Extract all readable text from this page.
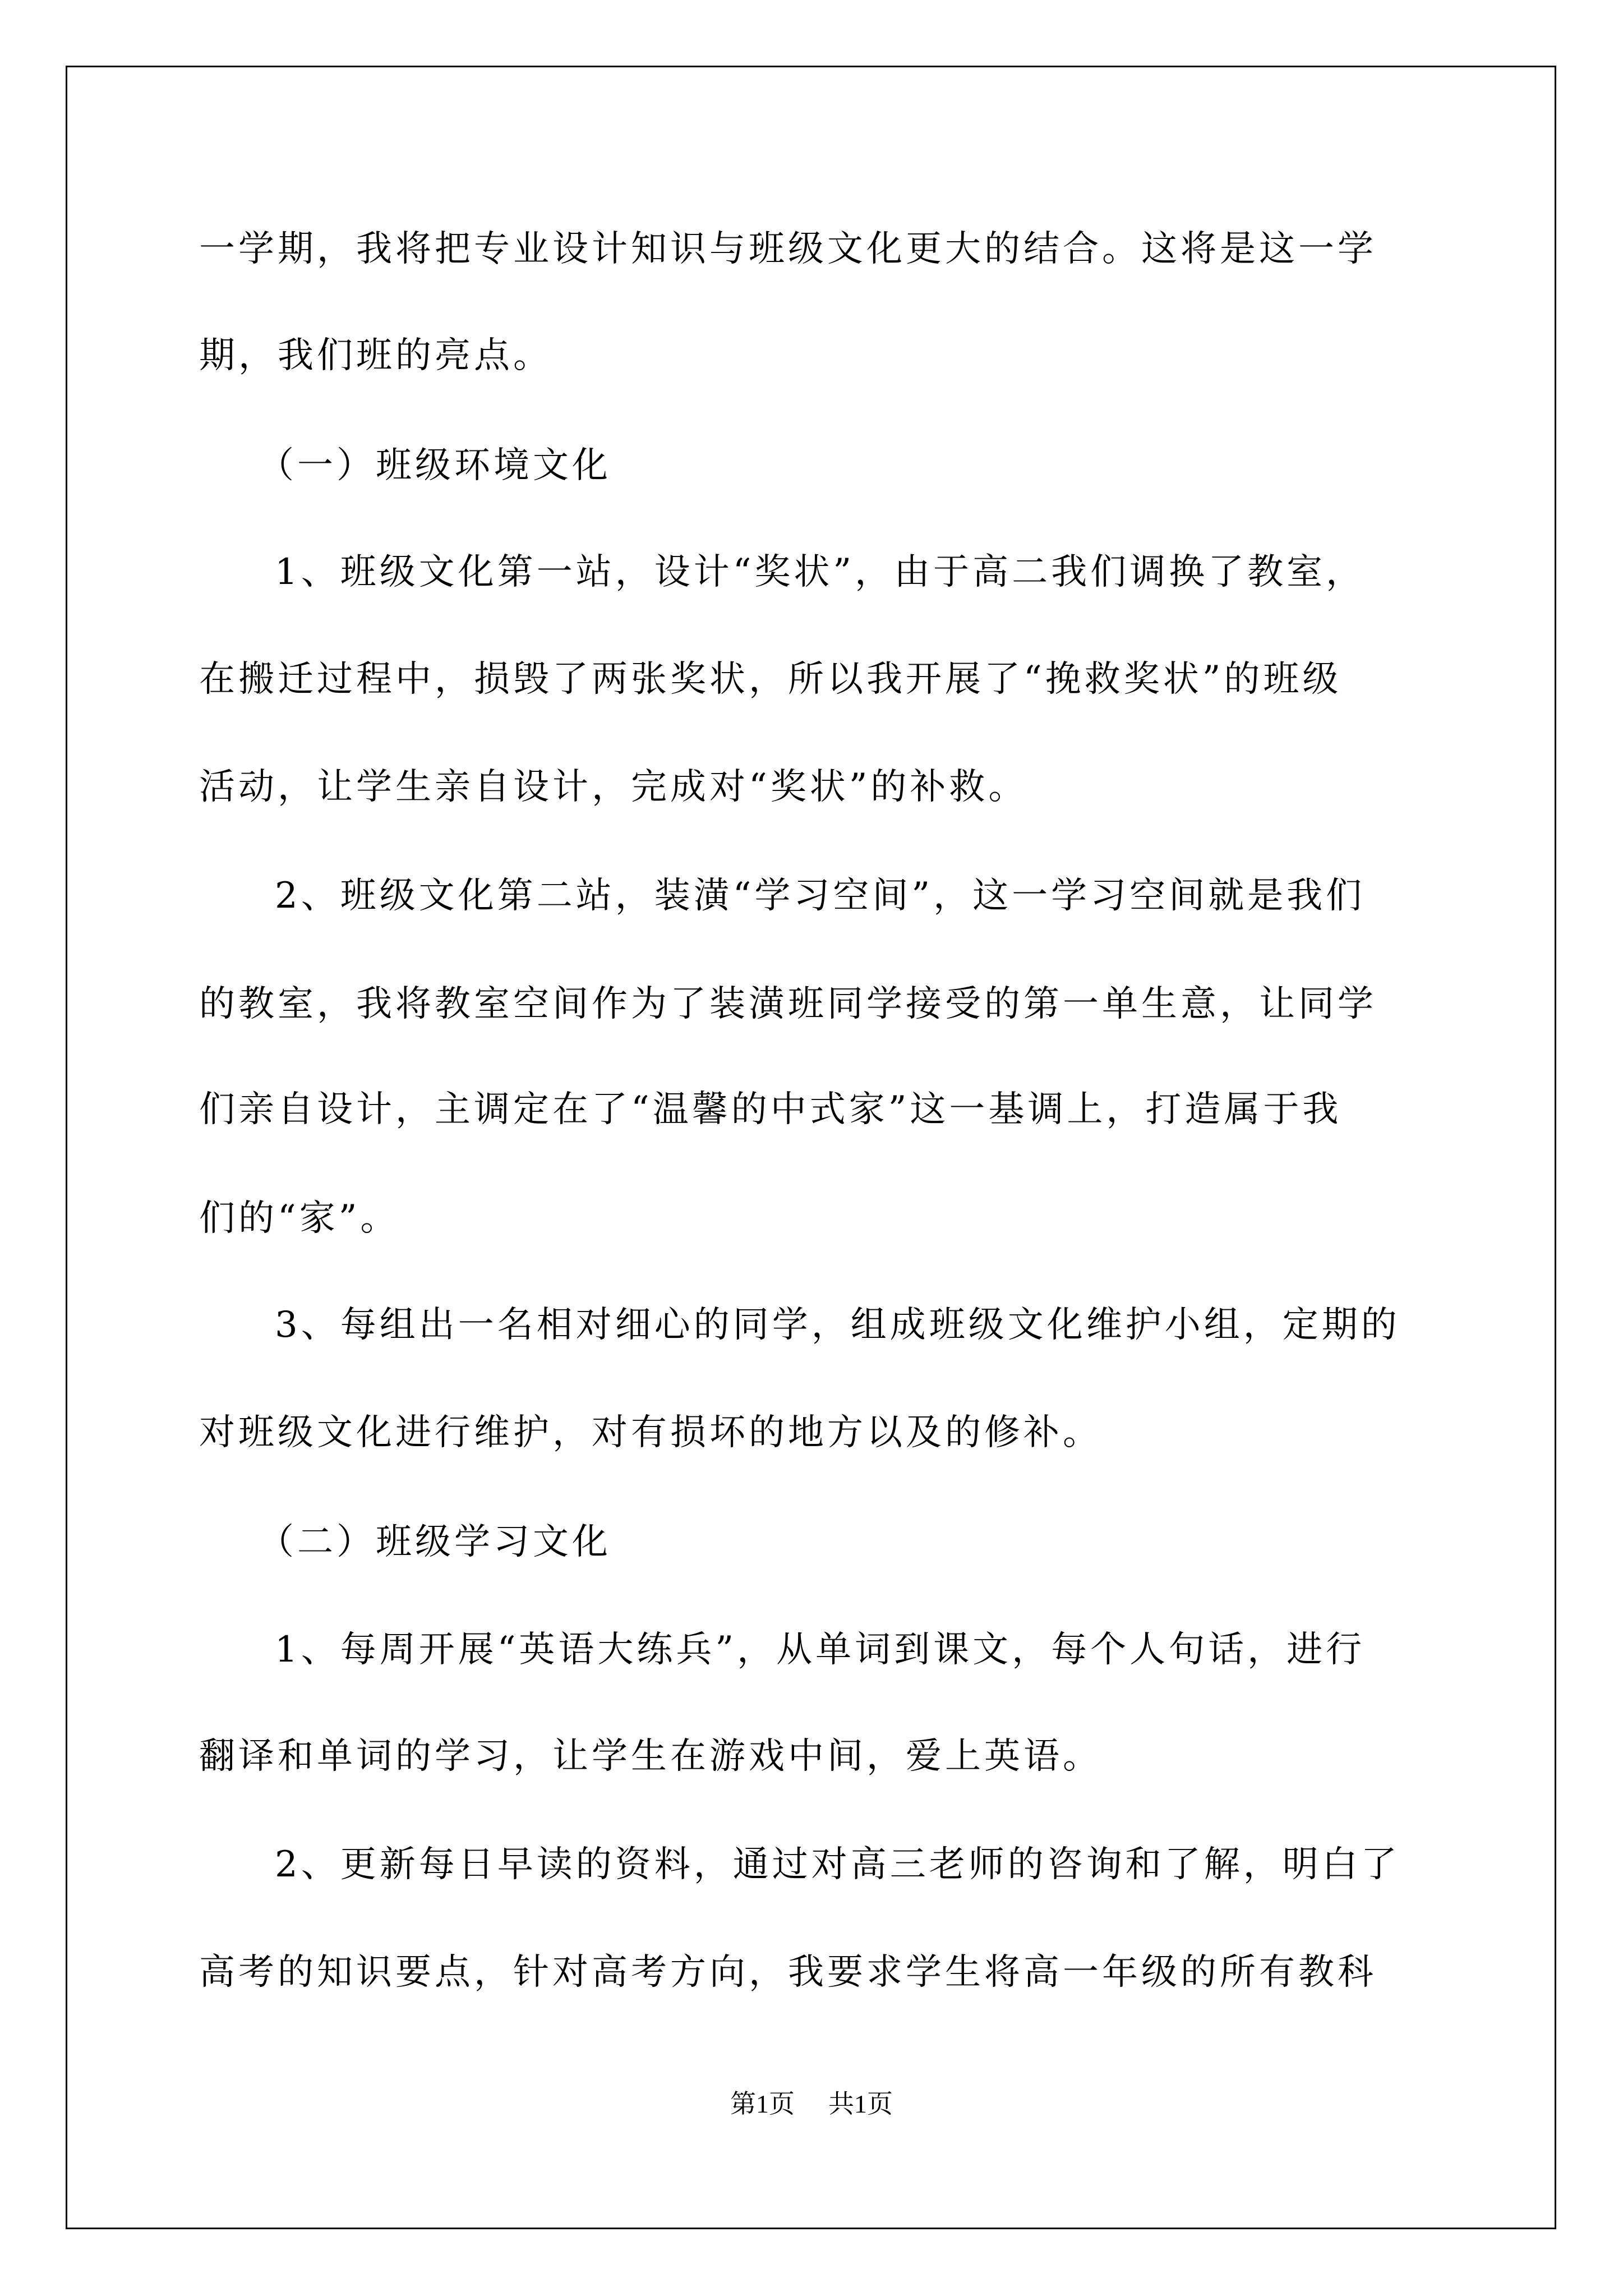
一学期，我将把专业设计知识与班级文化更大的结合。这将是这一学

期，我们班的亮点。

（一）班级环境文化

1、班级文化第一站，设计“奖状”，由于高二我们调换了教室，

在搬迁过程中，损毁了两张奖状，所以我开展了“挽救奖状”的班级

活动，让学生亲自设计，完成对“奖状”的补救。

2、班级文化第二站，装潢“学习空间”，这一学习空间就是我们

的教室，我将教室空间作为了装潢班同学接受的第一单生意，让同学

们亲自设计，主调定在了“温馨的中式家”这一基调上，打造属于我

们的“家”。

3、每组出一名相对细心的同学，组成班级文化维护小组，定期的

对班级文化进行维护，对有损坏的地方以及的修补。

（二）班级学习文化

1、每周开展“英语大练兵”，从单词到课文，每个人句话，进行

翻译和单词的学习，让学生在游戏中间，爱上英语。

2、更新每日早读的资料，通过对高三老师的咨询和了解，明白了

高考的知识要点，针对高考方向，我要求学生将高一年级的所有教科

第1页 共1页
